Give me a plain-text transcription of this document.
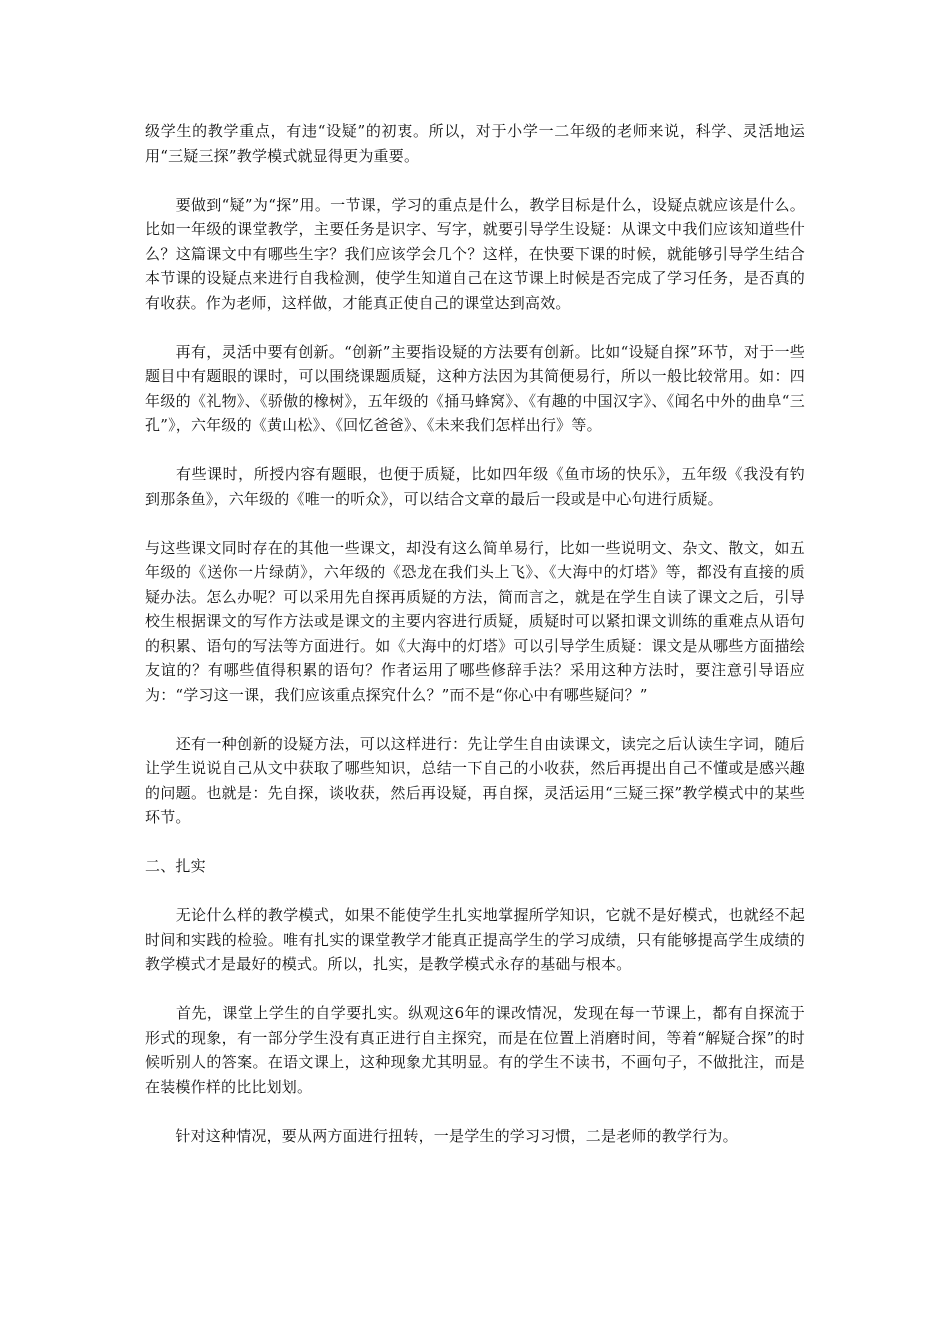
级学生的教学重点，有违“设疑”的初衷。所以，对于小学一二年级的老师来说，科学、灵活地运用“三疑三探”教学模式就显得更为重要。

　　要做到“疑”为“探”用。一节课，学习的重点是什么，教学目标是什么，设疑点就应该是什么。比如一年级的课堂教学，主要任务是识字、写字，就要引导学生设疑：从课文中我们应该知道些什么？这篇课文中有哪些生字？我们应该学会几个？这样，在快要下课的时候，就能够引导学生结合本节课的设疑点来进行自我检测，使学生知道自己在这节课上时候是否完成了学习任务，是否真的有收获。作为老师，这样做，才能真正使自己的课堂达到高效。

　　再有，灵活中要有创新。“创新”主要指设疑的方法要有创新。比如“设疑自探”环节，对于一些题目中有题眼的课时，可以围绕课题质疑，这种方法因为其简便易行，所以一般比较常用。如：四年级的《礼物》、《骄傲的橡树》，五年级的《捅马蜂窝》、《有趣的中国汉字》、《闻名中外的曲阜“三孔”》，六年级的《黄山松》、《回忆爸爸》、《未来我们怎样出行》等。

　　有些课时，所授内容有题眼，也便于质疑，比如四年级《鱼市场的快乐》，五年级《我没有钓到那条鱼》，六年级的《唯一的听众》，可以结合文章的最后一段或是中心句进行质疑。

与这些课文同时存在的其他一些课文，却没有这么简单易行，比如一些说明文、杂文、散文，如五年级的《送你一片绿荫》，六年级的《恐龙在我们头上飞》、《大海中的灯塔》等，都没有直接的质疑办法。怎么办呢？可以采用先自探再质疑的方法，简而言之，就是在学生自读了课文之后，引导校生根据课文的写作方法或是课文的主要内容进行质疑，质疑时可以紧扣课文训练的重难点从语句的积累、语句的写法等方面进行。如《大海中的灯塔》可以引导学生质疑：课文是从哪些方面描绘友谊的？有哪些值得积累的语句？作者运用了哪些修辞手法？采用这种方法时，要注意引导语应为：“学习这一课，我们应该重点探究什么？”而不是“你心中有哪些疑问？”

　　还有一种创新的设疑方法，可以这样进行：先让学生自由读课文，读完之后认读生字词，随后让学生说说自己从文中获取了哪些知识，总结一下自己的小收获，然后再提出自己不懂或是感兴趣的问题。也就是：先自探，谈收获，然后再设疑，再自探，灵活运用“三疑三探”教学模式中的某些环节。

二、扎实

　　无论什么样的教学模式，如果不能使学生扎实地掌握所学知识，它就不是好模式，也就经不起时间和实践的检验。唯有扎实的课堂教学才能真正提高学生的学习成绩，只有能够提高学生成绩的教学模式才是最好的模式。所以，扎实，是教学模式永存的基础与根本。

　　首先，课堂上学生的自学要扎实。纵观这6年的课改情况，发现在每一节课上，都有自探流于形式的现象，有一部分学生没有真正进行自主探究，而是在位置上消磨时间，等着“解疑合探”的时候听别人的答案。在语文课上，这种现象尤其明显。有的学生不读书，不画句子，不做批注，而是在装模作样的比比划划。

　　针对这种情况，要从两方面进行扭转，一是学生的学习习惯，二是老师的教学行为。
